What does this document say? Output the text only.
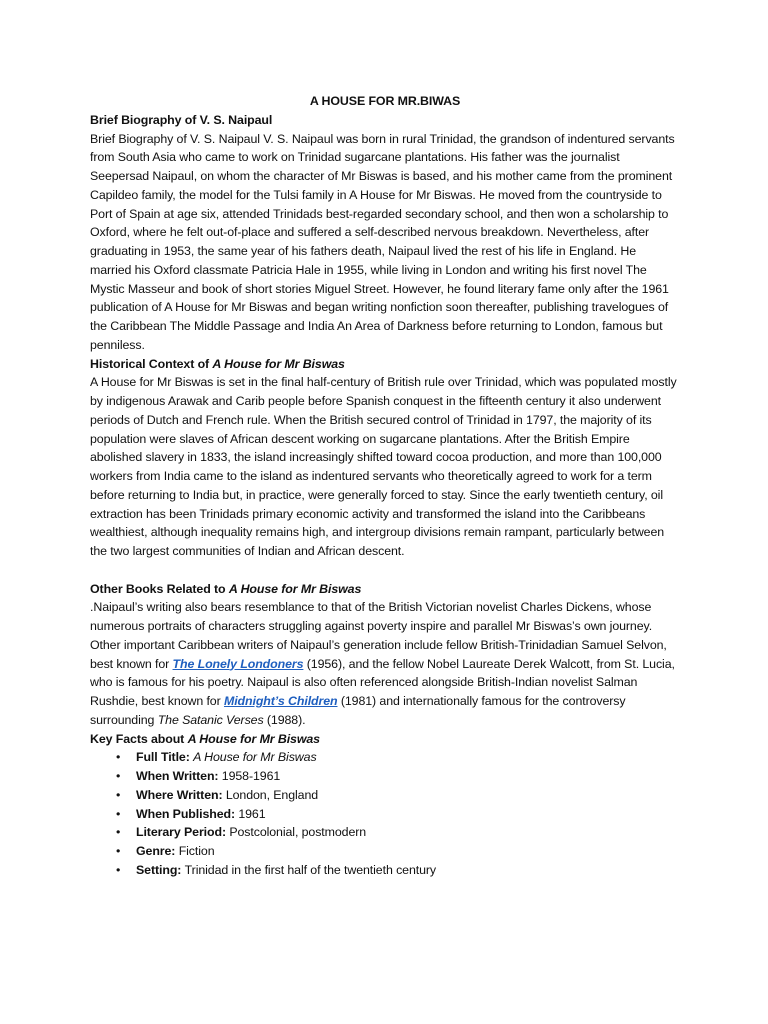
A HOUSE FOR MR.BIWAS

Brief Biography of V. S. Naipaul

Brief Biography of V. S. Naipaul V. S. Naipaul was born in rural Trinidad, the grandson of indentured servants from South Asia who came to work on Trinidad sugarcane plantations. His father was the journalist Seepersad Naipaul, on whom the character of Mr Biswas is based, and his mother came from the prominent Capildeo family, the model for the Tulsi family in A House for Mr Biswas. He moved from the countryside to Port of Spain at age six, attended Trinidads best-regarded secondary school, and then won a scholarship to Oxford, where he felt out-of-place and suffered a self-described nervous breakdown. Nevertheless, after graduating in 1953, the same year of his fathers death, Naipaul lived the rest of his life in England. He married his Oxford classmate Patricia Hale in 1955, while living in London and writing his first novel The Mystic Masseur and book of short stories Miguel Street. However, he found literary fame only after the 1961 publication of A House for Mr Biswas and began writing nonfiction soon thereafter, publishing travelogues of the Caribbean The Middle Passage and India An Area of Darkness before returning to London, famous but penniless.

Historical Context of A House for Mr Biswas

A House for Mr Biswas is set in the final half-century of British rule over Trinidad, which was populated mostly by indigenous Arawak and Carib people before Spanish conquest in the fifteenth century it also underwent periods of Dutch and French rule. When the British secured control of Trinidad in 1797, the majority of its population were slaves of African descent working on sugarcane plantations. After the British Empire abolished slavery in 1833, the island increasingly shifted toward cocoa production, and more than 100,000 workers from India came to the island as indentured servants who theoretically agreed to work for a term before returning to India but, in practice, were generally forced to stay. Since the early twentieth century, oil extraction has been Trinidads primary economic activity and transformed the island into the Caribbeans wealthiest, although inequality remains high, and intergroup divisions remain rampant, particularly between the two largest communities of Indian and African descent.

Other Books Related to A House for Mr Biswas

.Naipaul’s writing also bears resemblance to that of the British Victorian novelist Charles Dickens, whose numerous portraits of characters struggling against poverty inspire and parallel Mr Biswas’s own journey. Other important Caribbean writers of Naipaul’s generation include fellow British-Trinidadian Samuel Selvon, best known for The Lonely Londoners (1956), and the fellow Nobel Laureate Derek Walcott, from St. Lucia, who is famous for his poetry. Naipaul is also often referenced alongside British-Indian novelist Salman Rushdie, best known for Midnight’s Children (1981) and internationally famous for the controversy surrounding The Satanic Verses (1988).

Key Facts about A House for Mr Biswas

• Full Title: A House for Mr Biswas
• When Written: 1958-1961
• Where Written: London, England
• When Published: 1961
• Literary Period: Postcolonial, postmodern
• Genre: Fiction
• Setting: Trinidad in the first half of the twentieth century
